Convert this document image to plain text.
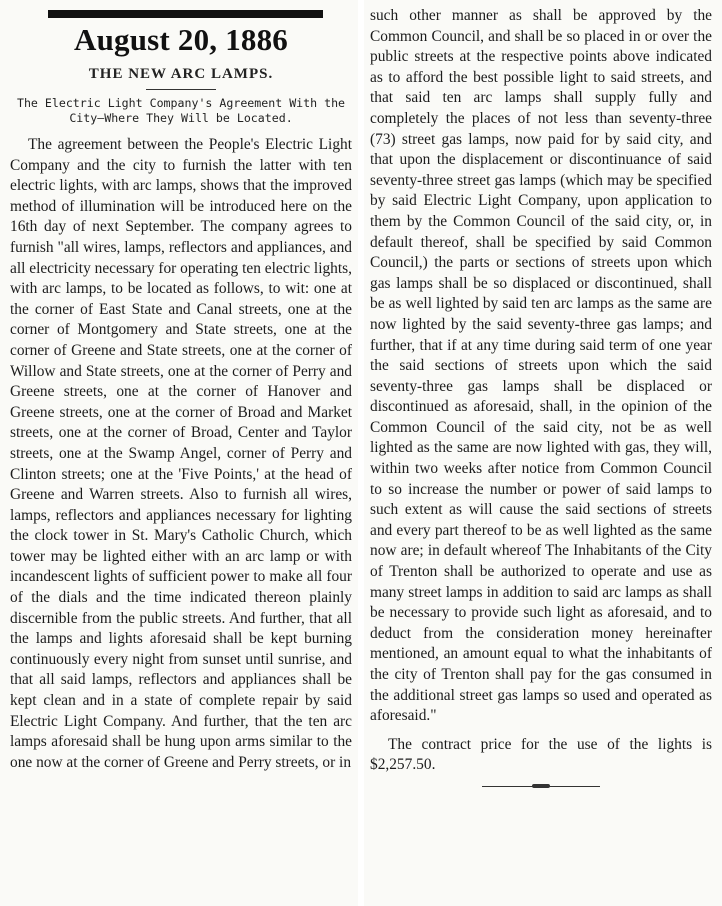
August 20, 1886
THE NEW ARC LAMPS.
The Electric Light Company's Agreement With the City—Where They Will be Located.

The agreement between the People's Electric Light Company and the city to furnish the latter with ten electric lights, with arc lamps, shows that the improved method of illumination will be introduced here on the 16th day of next September. The company agrees to furnish "all wires, lamps, reflectors and appliances, and all electricity necessary for operating ten electric lights, with arc lamps, to be located as follows, to wit: one at the corner of East State and Canal streets, one at the corner of Montgomery and State streets, one at the corner of Greene and State streets, one at the corner of Willow and State streets, one at the corner of Perry and Greene streets, one at the corner of Hanover and Greene streets, one at the corner of Broad and Market streets, one at the corner of Broad, Center and Taylor streets, one at the Swamp Angel, corner of Perry and Clinton streets; one at the 'Five Points,' at the head of Greene and Warren streets. Also to furnish all wires, lamps, reflectors and appliances necessary for lighting the clock tower in St. Mary's Catholic Church, which tower may be lighted either with an arc lamp or with incandescent lights of sufficient power to make all four of the dials and the time indicated thereon plainly discernible from the public streets. And further, that all the lamps and lights aforesaid shall be kept burning continuously every night from sunset until sunrise, and that all said lamps, reflectors and appliances shall be kept clean and in a state of complete repair by said Electric Light Company. And further, that the ten arc lamps aforesaid shall be hung upon arms similar to the one now at the corner of Greene and Perry streets, or in

such other manner as shall be approved by the Common Council, and shall be so placed in or over the public streets at the respective points above indicated as to afford the best possible light to said streets, and that said ten arc lamps shall supply fully and completely the places of not less than seventy-three (73) street gas lamps, now paid for by said city, and that upon the displacement or discontinuance of said seventy-three street gas lamps (which may be specified by said Electric Light Company, upon application to them by the Common Council of the said city, or, in default thereof, shall be specified by said Common Council,) the parts or sections of streets upon which gas lamps shall be so displaced or discontinued, shall be as well lighted by said ten arc lamps as the same are now lighted by the said seventy-three gas lamps; and further, that if at any time during said term of one year the said sections of streets upon which the said seventy-three gas lamps shall be displaced or discontinued as aforesaid, shall, in the opinion of the Common Council of the said city, not be as well lighted as the same are now lighted with gas, they will, within two weeks after notice from Common Council to so increase the number or power of said lamps to such extent as will cause the said sections of streets and every part thereof to be as well lighted as the same now are; in default whereof The Inhabitants of the City of Trenton shall be authorized to operate and use as many street lamps in addition to said arc lamps as shall be necessary to provide such light as aforesaid, and to deduct from the consideration money hereinafter mentioned, an amount equal to what the inhabitants of the city of Trenton shall pay for the gas consumed in the additional street gas lamps so used and operated as aforesaid."

The contract price for the use of the lights is $2,257.50.
